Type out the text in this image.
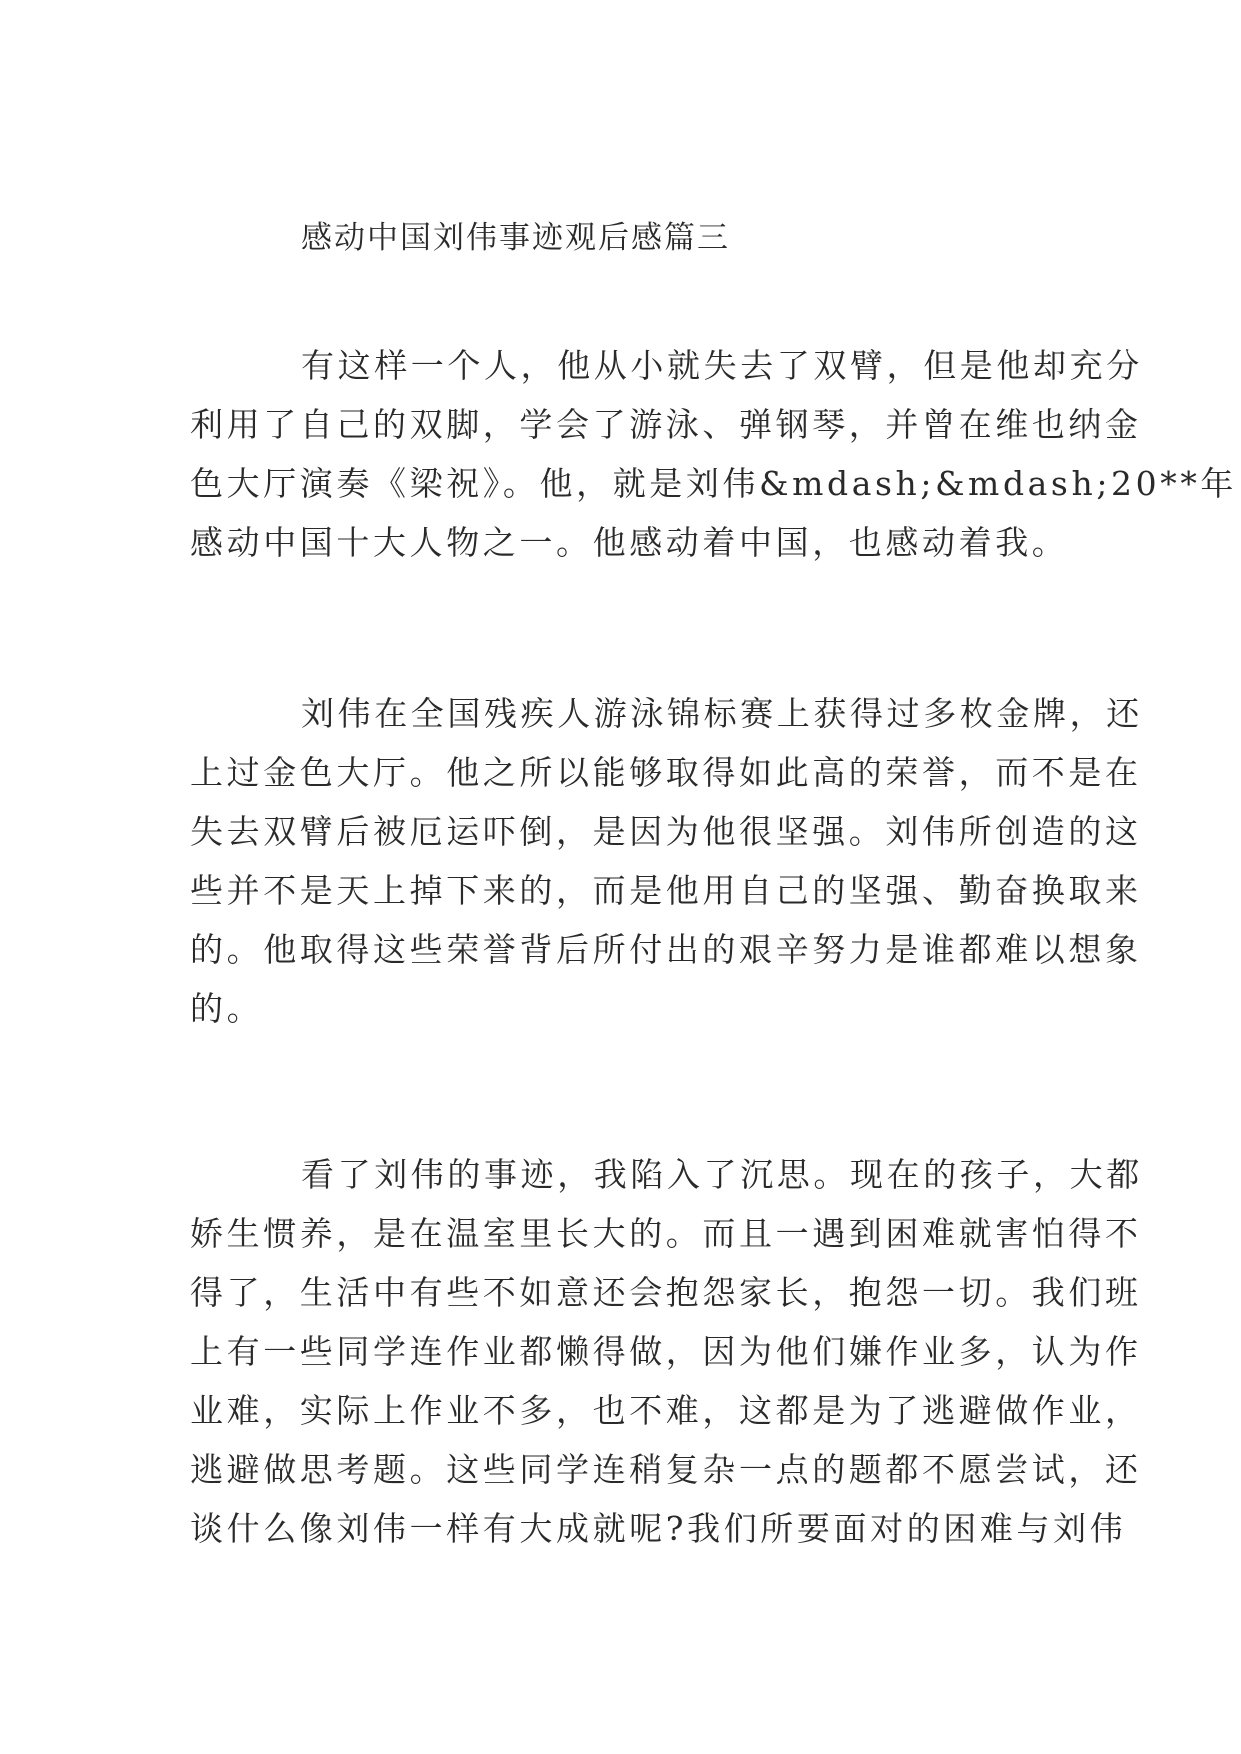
感动中国刘伟事迹观后感篇三
有这样一个人，他从小就失去了双臂，但是他却充分
利用了自己的双脚，学会了游泳、弹钢琴，并曾在维也纳金
色大厅演奏《梁祝》。他，就是刘伟&mdash;&mdash;20**年
感动中国十大人物之一。他感动着中国，也感动着我。
刘伟在全国残疾人游泳锦标赛上获得过多枚金牌，还
上过金色大厅。他之所以能够取得如此高的荣誉，而不是在
失去双臂后被厄运吓倒，是因为他很坚强。刘伟所创造的这
些并不是天上掉下来的，而是他用自己的坚强、勤奋换取来
的。他取得这些荣誉背后所付出的艰辛努力是谁都难以想象
的。
看了刘伟的事迹，我陷入了沉思。现在的孩子，大都
娇生惯养，是在温室里长大的。而且一遇到困难就害怕得不
得了，生活中有些不如意还会抱怨家长，抱怨一切。我们班
上有一些同学连作业都懒得做，因为他们嫌作业多，认为作
业难，实际上作业不多，也不难，这都是为了逃避做作业，
逃避做思考题。这些同学连稍复杂一点的题都不愿尝试，还
谈什么像刘伟一样有大成就呢?我们所要面对的困难与刘伟
